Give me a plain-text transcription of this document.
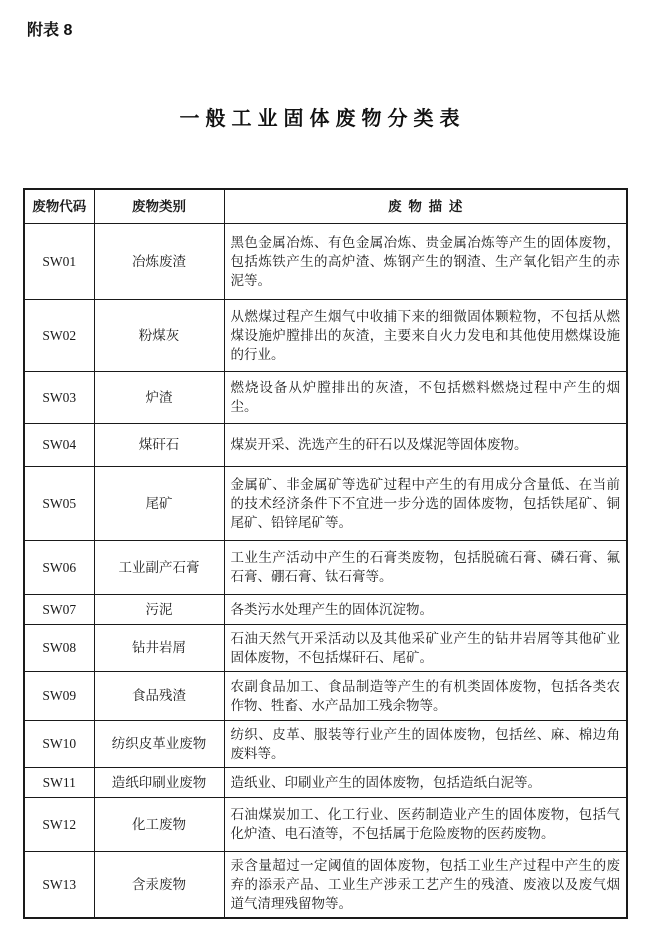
附表 8
一般工业固体废物分类表
废物代码	废物类别	废  物  描  述
SW01	冶炼废渣	黑色金属冶炼、有色金属冶炼、贵金属冶炼等产生的固体废物，包括炼铁产生的高炉渣、炼钢产生的钢渣、生产氧化铝产生的赤泥等。
SW02	粉煤灰	从燃煤过程产生烟气中收捕下来的细微固体颗粒物，不包括从燃煤设施炉膛排出的灰渣，主要来自火力发电和其他使用燃煤设施的行业。
SW03	炉渣	燃烧设备从炉膛排出的灰渣，不包括燃料燃烧过程中产生的烟尘。
SW04	煤矸石	煤炭开采、洗选产生的矸石以及煤泥等固体废物。
SW05	尾矿	金属矿、非金属矿等选矿过程中产生的有用成分含量低、在当前的技术经济条件下不宜进一步分选的固体废物，包括铁尾矿、铜尾矿、铅锌尾矿等。
SW06	工业副产石膏	工业生产活动中产生的石膏类废物，包括脱硫石膏、磷石膏、氟石膏、硼石膏、钛石膏等。
SW07	污泥	各类污水处理产生的固体沉淀物。
SW08	钻井岩屑	石油天然气开采活动以及其他采矿业产生的钻井岩屑等其他矿业固体废物，不包括煤矸石、尾矿。
SW09	食品残渣	农副食品加工、食品制造等产生的有机类固体废物，包括各类农作物、牲畜、水产品加工残余物等。
SW10	纺织皮革业废物	纺织、皮革、服装等行业产生的固体废物，包括丝、麻、棉边角废料等。
SW11	造纸印刷业废物	造纸业、印刷业产生的固体废物，包括造纸白泥等。
SW12	化工废物	石油煤炭加工、化工行业、医药制造业产生的固体废物，包括气化炉渣、电石渣等，不包括属于危险废物的医药废物。
SW13	含汞废物	汞含量超过一定阈值的固体废物，包括工业生产过程中产生的废弃的添汞产品、工业生产涉汞工艺产生的残渣、废液以及废气烟道气清理残留物等。
